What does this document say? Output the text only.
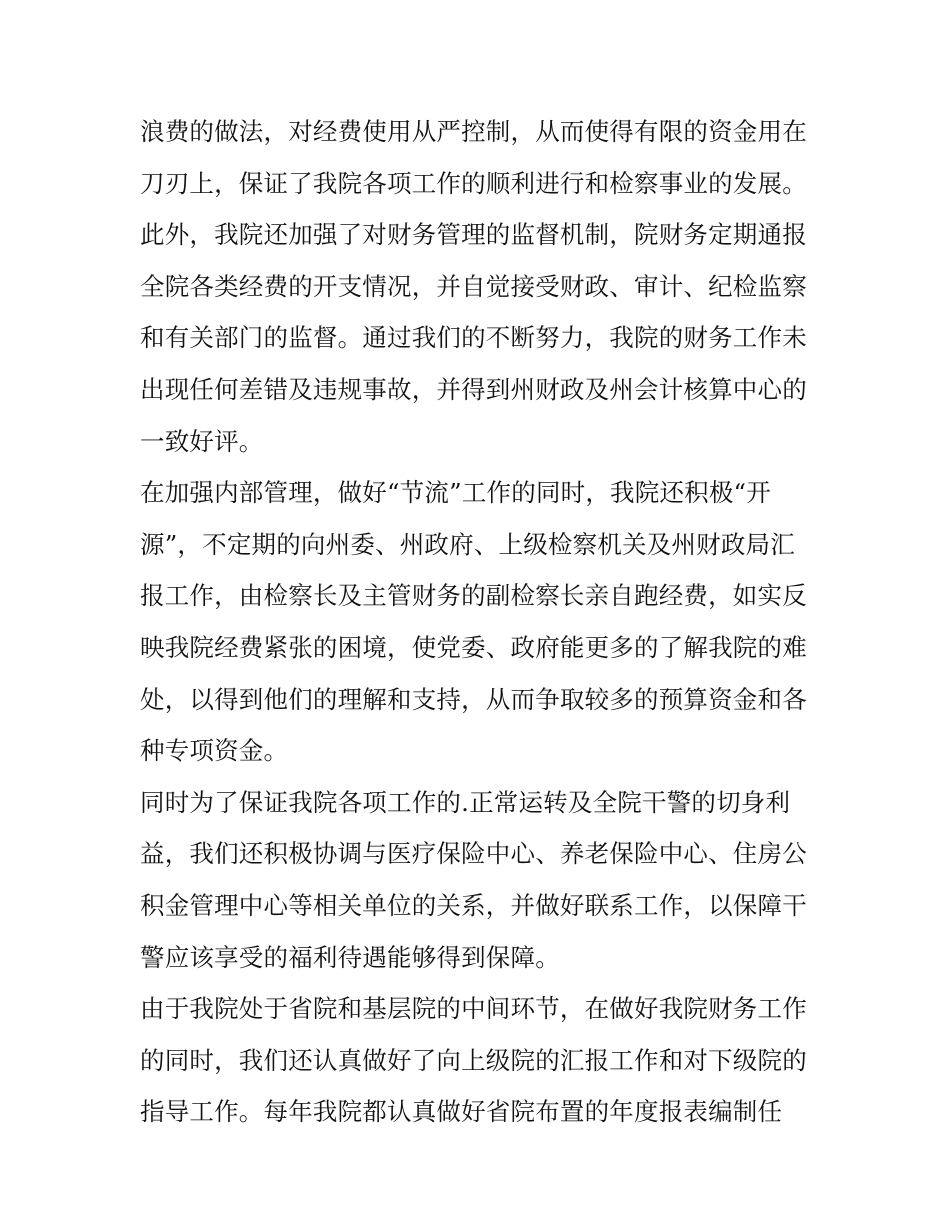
浪费的做法，对经费使用从严控制，从而使得有限的资金用在
刀刃上，保证了我院各项工作的顺利进行和检察事业的发展。
此外，我院还加强了对财务管理的监督机制，院财务定期通报
全院各类经费的开支情况，并自觉接受财政、审计、纪检监察
和有关部门的监督。通过我们的不断努力，我院的财务工作未
出现任何差错及违规事故，并得到州财政及州会计核算中心的
一致好评。
在加强内部管理，做好“节流”工作的同时，我院还积极“开
源”，不定期的向州委、州政府、上级检察机关及州财政局汇
报工作，由检察长及主管财务的副检察长亲自跑经费，如实反
映我院经费紧张的困境，使党委、政府能更多的了解我院的难
处，以得到他们的理解和支持，从而争取较多的预算资金和各
种专项资金。
同时为了保证我院各项工作的.正常运转及全院干警的切身利
益，我们还积极协调与医疗保险中心、养老保险中心、住房公
积金管理中心等相关单位的关系，并做好联系工作，以保障干
警应该享受的福利待遇能够得到保障。
由于我院处于省院和基层院的中间环节，在做好我院财务工作
的同时，我们还认真做好了向上级院的汇报工作和对下级院的
指导工作。每年我院都认真做好省院布置的年度报表编制任
